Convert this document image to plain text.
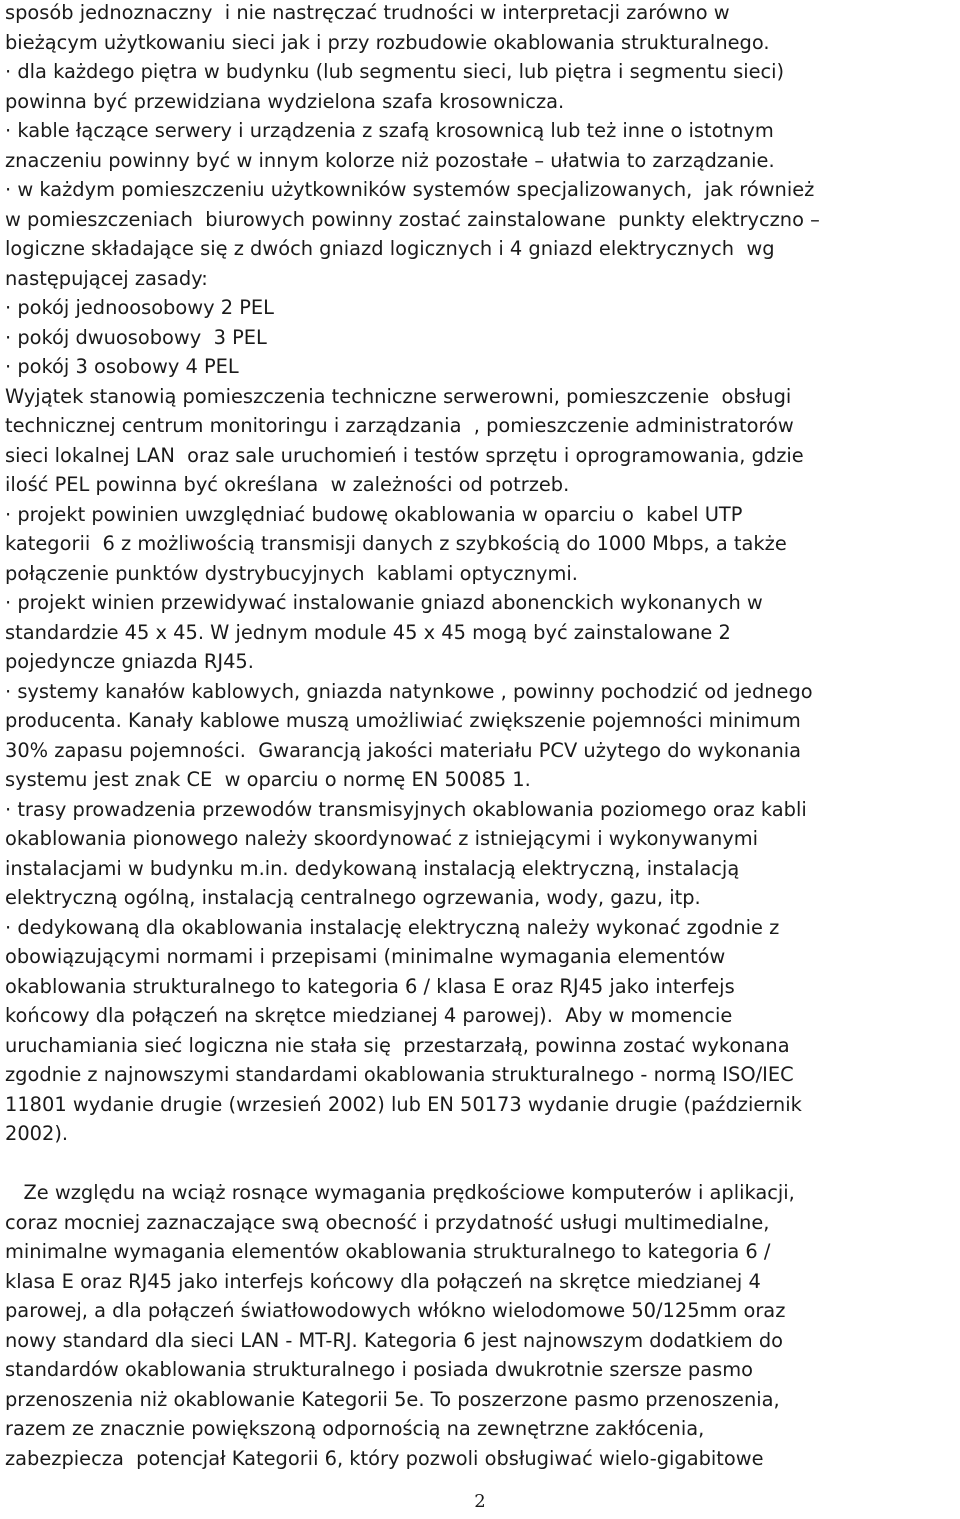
sposób jednoznaczny  i nie nastręczać trudności w interpretacji zarówno w
bieżącym użytkowaniu sieci jak i przy rozbudowie okablowania strukturalnego.
· dla każdego piętra w budynku (lub segmentu sieci, lub piętra i segmentu sieci)
powinna być przewidziana wydzielona szafa krosownicza.
· kable łączące serwery i urządzenia z szafą krosownicą lub też inne o istotnym
znaczeniu powinny być w innym kolorze niż pozostałe – ułatwia to zarządzanie.
· w każdym pomieszczeniu użytkowników systemów specjalizowanych,  jak również
w pomieszczeniach  biurowych powinny zostać zainstalowane  punkty elektryczno –
logiczne składające się z dwóch gniazd logicznych i 4 gniazd elektrycznych  wg
następującej zasady:
· pokój jednoosobowy 2 PEL
· pokój dwuosobowy  3 PEL
· pokój 3 osobowy 4 PEL
Wyjątek stanowią pomieszczenia techniczne serwerowni, pomieszczenie  obsługi
technicznej centrum monitoringu i zarządzania  , pomieszczenie administratorów
sieci lokalnej LAN  oraz sale uruchomień i testów sprzętu i oprogramowania, gdzie
ilość PEL powinna być określana  w zależności od potrzeb.
· projekt powinien uwzględniać budowę okablowania w oparciu o  kabel UTP
kategorii  6 z możliwością transmisji danych z szybkością do 1000 Mbps, a także
połączenie punktów dystrybucyjnych  kablami optycznymi.
· projekt winien przewidywać instalowanie gniazd abonenckich wykonanych w
standardzie 45 x 45. W jednym module 45 x 45 mogą być zainstalowane 2
pojedyncze gniazda RJ45.
· systemy kanałów kablowych, gniazda natynkowe , powinny pochodzić od jednego
producenta. Kanały kablowe muszą umożliwiać zwiększenie pojemności minimum
30% zapasu pojemności.  Gwarancją jakości materiału PCV użytego do wykonania
systemu jest znak CE  w oparciu o normę EN 50085 1.
· trasy prowadzenia przewodów transmisyjnych okablowania poziomego oraz kabli
okablowania pionowego należy skoordynować z istniejącymi i wykonywanymi
instalacjami w budynku m.in. dedykowaną instalacją elektryczną, instalacją
elektryczną ogólną, instalacją centralnego ogrzewania, wody, gazu, itp.
· dedykowaną dla okablowania instalację elektryczną należy wykonać zgodnie z
obowiązującymi normami i przepisami (minimalne wymagania elementów
okablowania strukturalnego to kategoria 6 / klasa E oraz RJ45 jako interfejs
końcowy dla połączeń na skrętce miedzianej 4 parowej).  Aby w momencie
uruchamiania sieć logiczna nie stała się  przestarzałą, powinna zostać wykonana
zgodnie z najnowszymi standardami okablowania strukturalnego - normą ISO/IEC
11801 wydanie drugie (wrzesień 2002) lub EN 50173 wydanie drugie (październik
2002).
Ze względu na wciąż rosnące wymagania prędkościowe komputerów i aplikacji,
coraz mocniej zaznaczające swą obecność i przydatność usługi multimedialne,
minimalne wymagania elementów okablowania strukturalnego to kategoria 6 /
klasa E oraz RJ45 jako interfejs końcowy dla połączeń na skrętce miedzianej 4
parowej, a dla połączeń światłowodowych włókno wielodomowe 50/125mm oraz
nowy standard dla sieci LAN - MT-RJ. Kategoria 6 jest najnowszym dodatkiem do
standardów okablowania strukturalnego i posiada dwukrotnie szersze pasmo
przenoszenia niż okablowanie Kategorii 5e. To poszerzone pasmo przenoszenia,
razem ze znacznie powiększoną odpornością na zewnętrzne zakłócenia,
zabezpiecza  potencjał Kategorii 6, który pozwoli obsługiwać wielo-gigabitowe
2
